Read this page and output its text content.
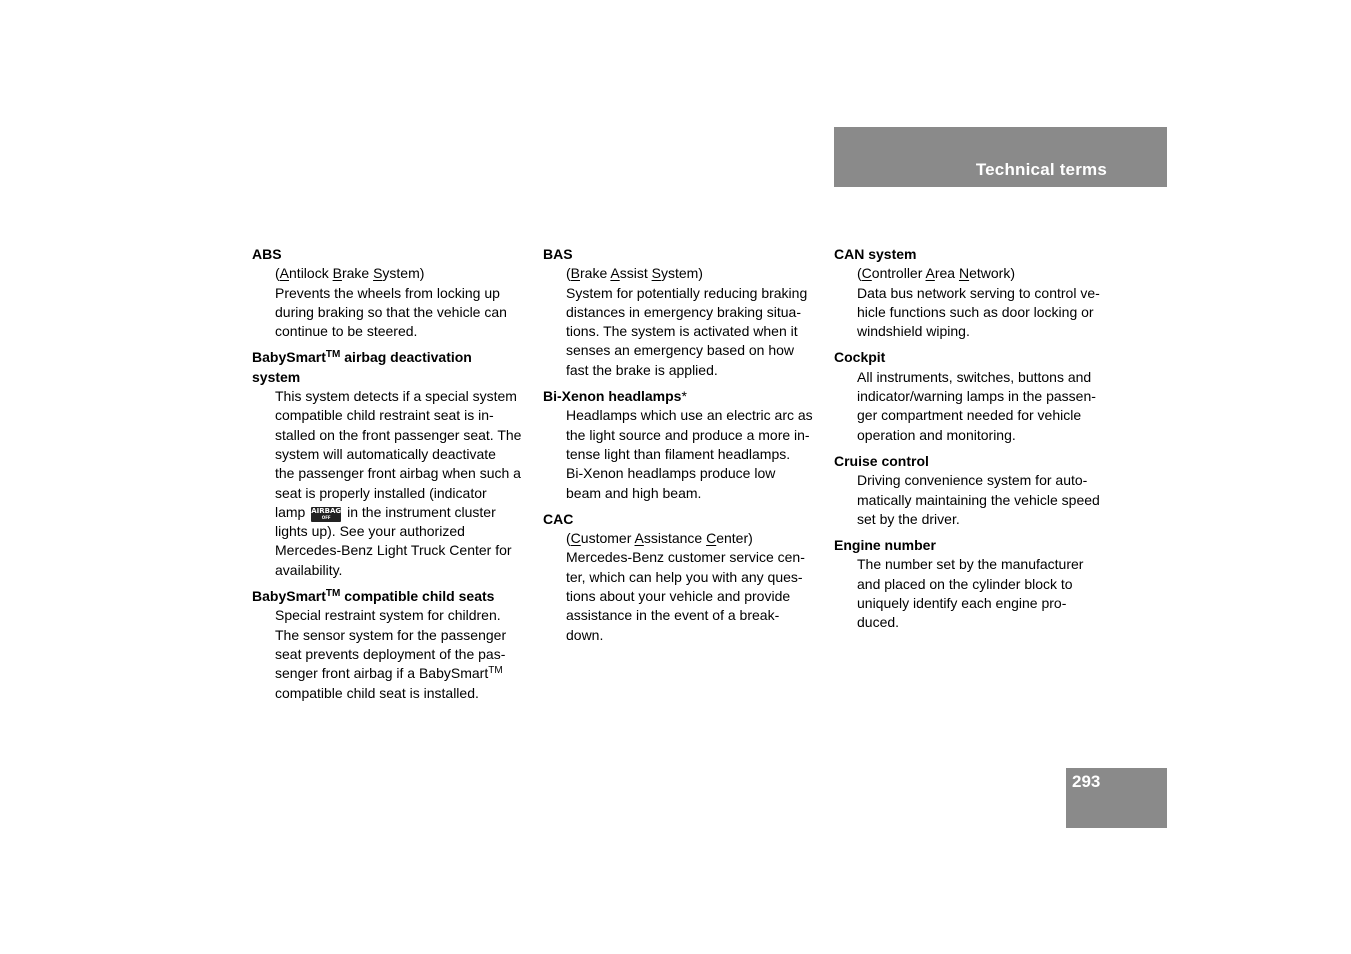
Technical terms
ABS
(Antilock Brake System)
Prevents the wheels from locking up
during braking so that the vehicle can
continue to be steered.
BabySmart™ airbag deactivation
system
This system detects if a special system
compatible child restraint seat is in-
stalled on the front passenger seat. The
system will automatically deactivate
the passenger front airbag when such a
seat is properly installed (indicator
lamp AIRBAG
OFF in the instrument cluster
lights up). See your authorized
Mercedes-Benz Light Truck Center for
availability.
BabySmart™ compatible child seats
Special restraint system for children.
The sensor system for the passenger
seat prevents deployment of the pas-
senger front airbag if a BabySmart™
compatible child seat is installed.
BAS
(Brake Assist System)
System for potentially reducing braking
distances in emergency braking situa-
tions. The system is activated when it
senses an emergency based on how
fast the brake is applied.
Bi-Xenon headlamps*
Headlamps which use an electric arc as
the light source and produce a more in-
tense light than filament headlamps.
Bi-Xenon headlamps produce low
beam and high beam.
CAC
(Customer Assistance Center)
Mercedes-Benz customer service cen-
ter, which can help you with any ques-
tions about your vehicle and provide
assistance in the event of a break-
down.
CAN system
(Controller Area Network)
Data bus network serving to control ve-
hicle functions such as door locking or
windshield wiping.
Cockpit
All instruments, switches, buttons and
indicator/warning lamps in the passen-
ger compartment needed for vehicle
operation and monitoring.
Cruise control
Driving convenience system for auto-
matically maintaining the vehicle speed
set by the driver.
Engine number
The number set by the manufacturer
and placed on the cylinder block to
uniquely identify each engine pro-
duced.
293
